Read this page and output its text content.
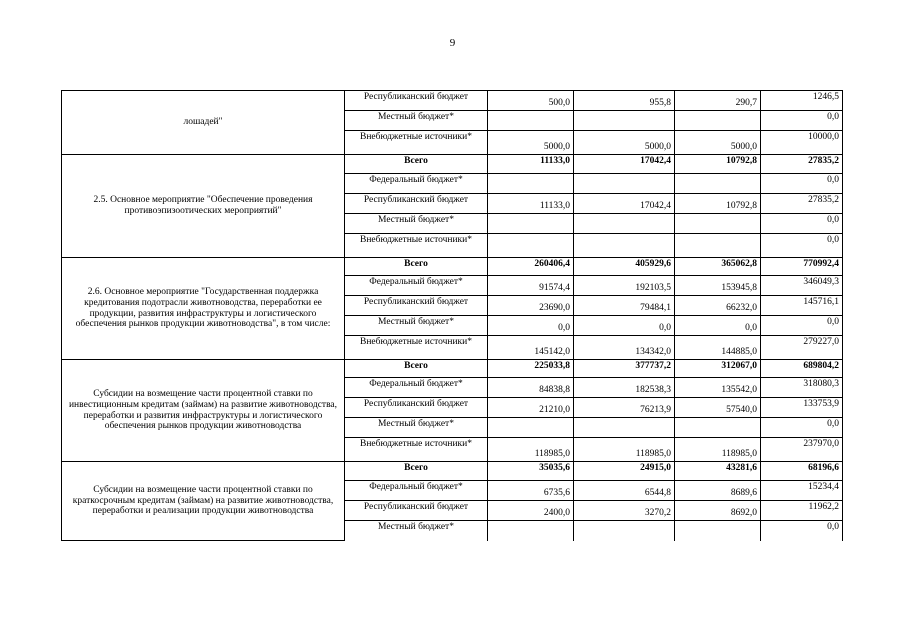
9
лошадей"	Республиканский бюджет	500,0	955,8	290,7	1246,5
	Местный бюджет*				0,0
	Внебюджетные источники*	5000,0	5000,0	5000,0	10000,0
2.5. Основное мероприятие "Обеспечение проведения противоэпизоотических мероприятий"	Всего	11133,0	17042,4	10792,8	27835,2
	Федеральный бюджет*				0,0
	Республиканский бюджет	11133,0	17042,4	10792,8	27835,2
	Местный бюджет*				0,0
	Внебюджетные источники*				0,0
2.6. Основное мероприятие "Государственная поддержка кредитования подотрасли животноводства, переработки ее продукции, развития инфраструктуры и логистического обеспечения рынков продукции животноводства", в том числе:	Всего	260406,4	405929,6	365062,8	770992,4
	Федеральный бюджет*	91574,4	192103,5	153945,8	346049,3
	Республиканский бюджет	23690,0	79484,1	66232,0	145716,1
	Местный бюджет*	0,0	0,0	0,0	0,0
	Внебюджетные источники*	145142,0	134342,0	144885,0	279227,0
Субсидии на возмещение части процентной ставки по инвестиционным кредитам (займам) на развитие животноводства, переработки и развития инфраструктуры и логистического обеспечения рынков продукции животноводства	Всего	225033,8	377737,2	312067,0	689804,2
	Федеральный бюджет*	84838,8	182538,3	135542,0	318080,3
	Республиканский бюджет	21210,0	76213,9	57540,0	133753,9
	Местный бюджет*				0,0
	Внебюджетные источники*	118985,0	118985,0	118985,0	237970,0
Субсидии на возмещение части процентной ставки по краткосрочным кредитам (займам) на развитие животноводства, переработки и реализации продукции животноводства	Всего	35035,6	24915,0	43281,6	68196,6
	Федеральный бюджет*	6735,6	6544,8	8689,6	15234,4
	Республиканский бюджет	2400,0	3270,2	8692,0	11962,2
	Местный бюджет*				0,0
